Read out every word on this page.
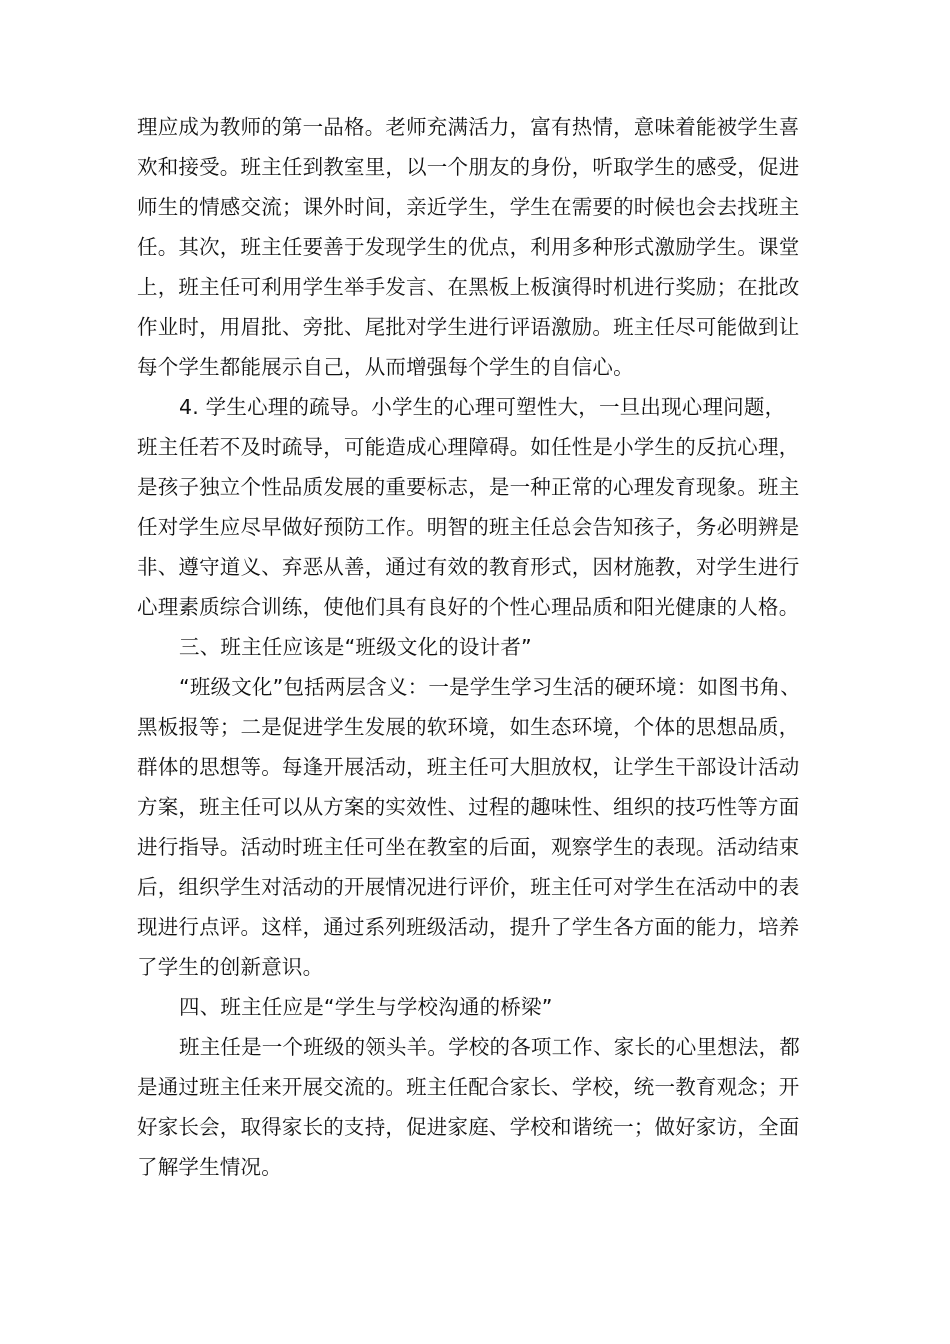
理应成为教师的第一品格。老师充满活力，富有热情，意味着能被学生喜
欢和接受。班主任到教室里，以一个朋友的身份，听取学生的感受，促进
师生的情感交流；课外时间，亲近学生，学生在需要的时候也会去找班主
任。其次，班主任要善于发现学生的优点，利用多种形式激励学生。课堂
上，班主任可利用学生举手发言、在黑板上板演得时机进行奖励；在批改
作业时，用眉批、旁批、尾批对学生进行评语激励。班主任尽可能做到让
每个学生都能展示自己，从而增强每个学生的自信心。
4. 学生心理的疏导。小学生的心理可塑性大，一旦出现心理问题，
班主任若不及时疏导，可能造成心理障碍。如任性是小学生的反抗心理，
是孩子独立个性品质发展的重要标志，是一种正常的心理发育现象。班主
任对学生应尽早做好预防工作。明智的班主任总会告知孩子，务必明辨是
非、遵守道义、弃恶从善，通过有效的教育形式，因材施教，对学生进行
心理素质综合训练，使他们具有良好的个性心理品质和阳光健康的人格。
三、班主任应该是“班级文化的设计者”
“班级文化”包括两层含义：一是学生学习生活的硬环境：如图书角、
黑板报等；二是促进学生发展的软环境，如生态环境，个体的思想品质，
群体的思想等。每逢开展活动，班主任可大胆放权，让学生干部设计活动
方案，班主任可以从方案的实效性、过程的趣味性、组织的技巧性等方面
进行指导。活动时班主任可坐在教室的后面，观察学生的表现。活动结束
后，组织学生对活动的开展情况进行评价，班主任可对学生在活动中的表
现进行点评。这样，通过系列班级活动，提升了学生各方面的能力，培养
了学生的创新意识。
四、班主任应是“学生与学校沟通的桥梁”
班主任是一个班级的领头羊。学校的各项工作、家长的心里想法，都
是通过班主任来开展交流的。班主任配合家长、学校，统一教育观念；开
好家长会，取得家长的支持，促进家庭、学校和谐统一；做好家访，全面
了解学生情况。
